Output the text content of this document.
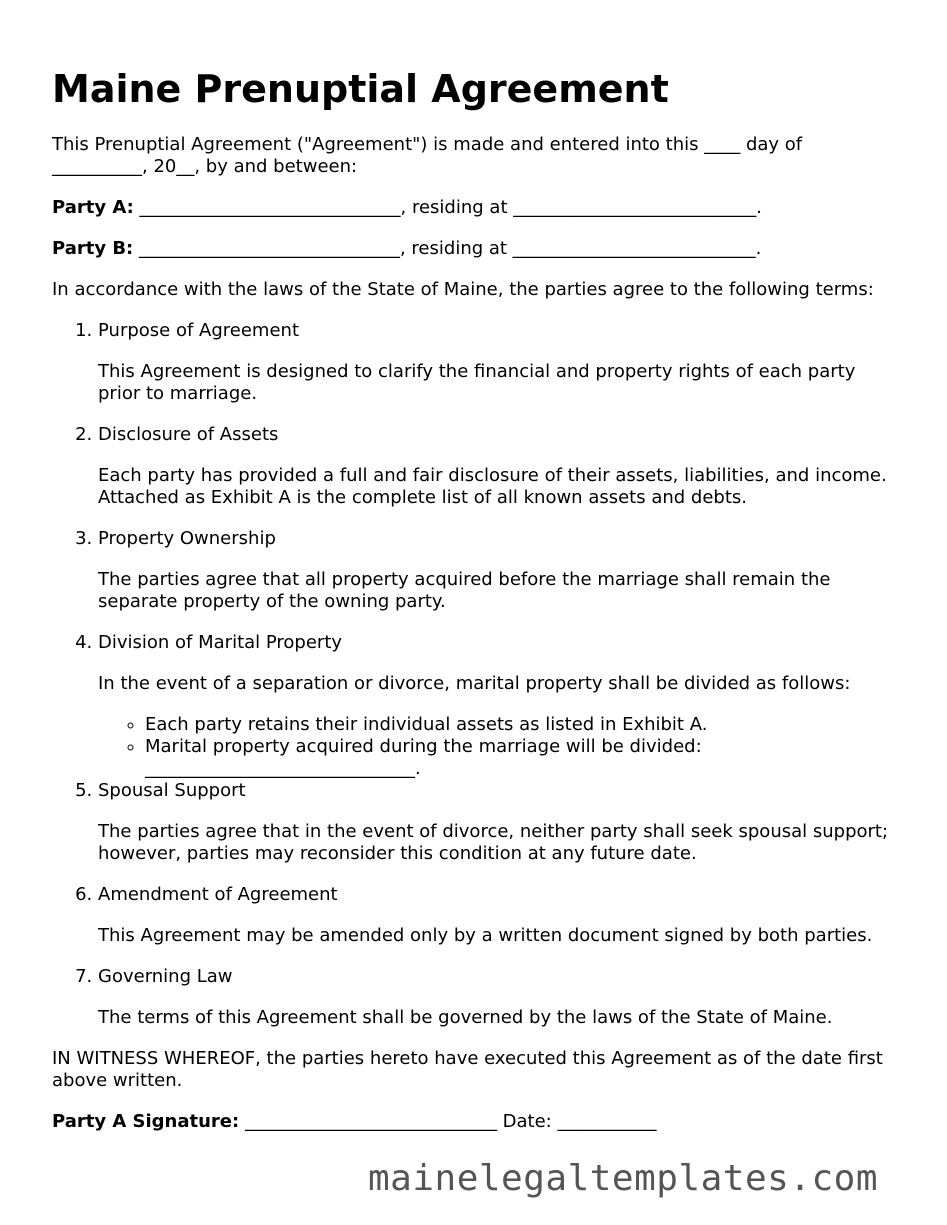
Maine Prenuptial Agreement

This Prenuptial Agreement ("Agreement") is made and entered into this ____ day of __________, 20__, by and between:

Party A: _____________________________, residing at ___________________________.

Party B: _____________________________, residing at ___________________________.

In accordance with the laws of the State of Maine, the parties agree to the following terms:

1. Purpose of Agreement

This Agreement is designed to clarify the financial and property rights of each party prior to marriage.

2. Disclosure of Assets

Each party has provided a full and fair disclosure of their assets, liabilities, and income. Attached as Exhibit A is the complete list of all known assets and debts.

3. Property Ownership

The parties agree that all property acquired before the marriage shall remain the separate property of the owning party.

4. Division of Marital Property

In the event of a separation or divorce, marital property shall be divided as follows:

◦ Each party retains their individual assets as listed in Exhibit A.
◦ Marital property acquired during the marriage will be divided: ______________________________.
5. Spousal Support

The parties agree that in the event of divorce, neither party shall seek spousal support; however, parties may reconsider this condition at any future date.

6. Amendment of Agreement

This Agreement may be amended only by a written document signed by both parties.

7. Governing Law

The terms of this Agreement shall be governed by the laws of the State of Maine.

IN WITNESS WHEREOF, the parties hereto have executed this Agreement as of the date first above written.

Party A Signature: ____________________________ Date: ___________

mainelegaltemplates.com
